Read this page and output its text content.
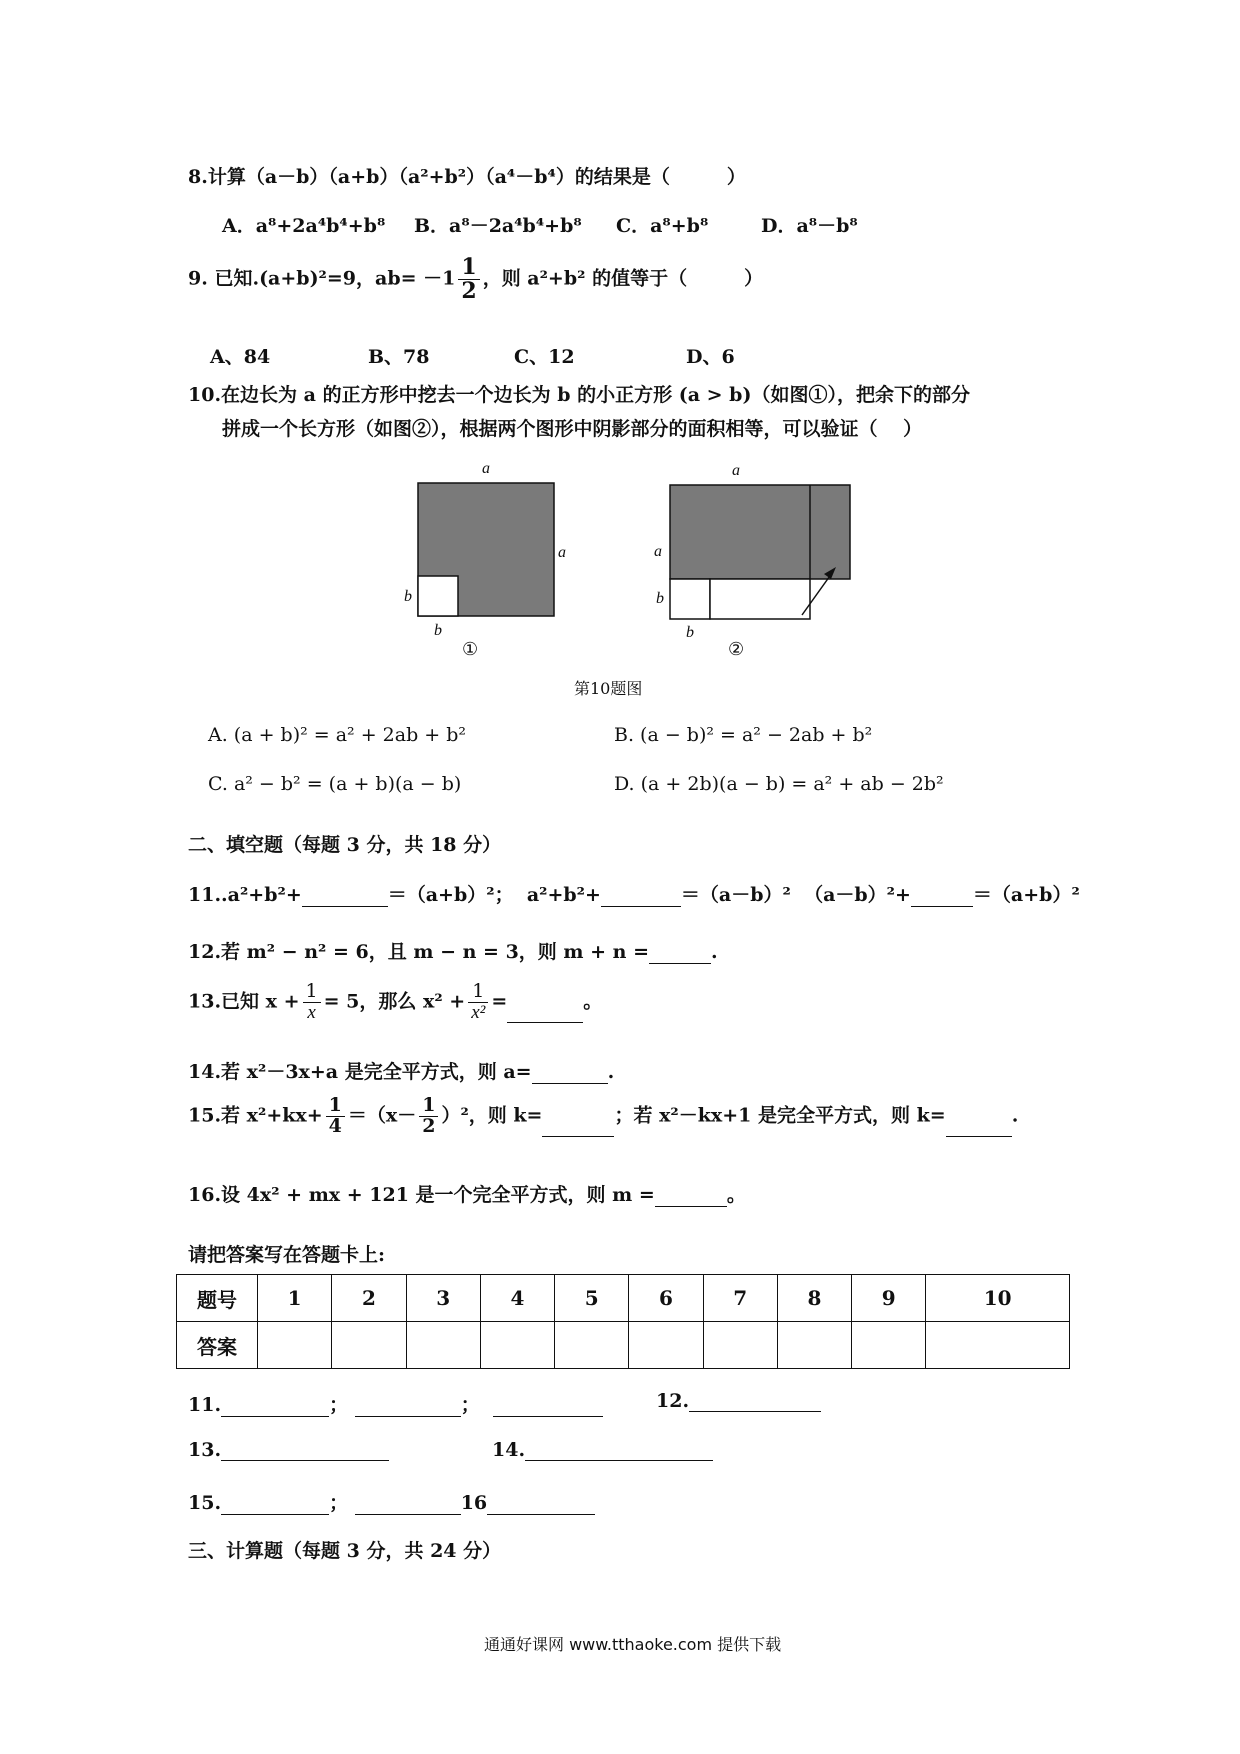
8.计算（a－b）（a+b）（a²+b²）（a⁴－b⁴）的结果是（　　　）
A．a⁸+2a⁴b⁴+b⁸ B．a⁸－2a⁴b⁴+b⁸ C．a⁸+b⁸	D．a⁸－b⁸
9. 已知.(a+b)²=9，$ab= -1 \frac{1}{2}$ ，则 a²+b² 的值等于（　　　）
A、84	B、78	C、12	D、6
10.在边长为 a 的正方形中挖去一个边长为 b 的小正方形 (a > b)（如图①），把余下的部分
拼成一个长方形（如图②），根据两个图形中阴影部分的面积相等，可以验证（　 ）
a
a
b
b
①
a
a
b
b
②
第10题图
A. (a + b)² = a² + 2ab + b²	B. (a − b)² = a² − 2ab + b²
C. a² − b² = (a + b)(a − b)	D. (a + 2b)(a − b) = a² + ab − 2b²
二、填空题（每题 3 分，共 18 分）
11..a²+b²+	＝（a+b）²； a²+b²+	＝（a－b）² （a－b）²+	＝（a+b）²
12.若 m² − n² = 6，且 m − n = 3，则 m + n =	.
13.已知 $x + \frac{1}{x} = 5$，那么 $x^2 + \frac{1}{\text{x²}}$ =	。
14.若 x²－3x+a 是完全平方式，则 a=	.
15.若 $x^2+kx+ \frac{1}{4} =(x- \frac{1}{2} )^2$，则 k=	；若 x²－kx+1 是完全平方式，则 k=	.
16.设 4x² + mx + 121 是一个完全平方式，则 m =	。
请把答案写在答题卡上:
题号	1	2	3	4	5	6	7	8	9	10
答案										
11.	；	；	12.
13.	14.
15.	；	16
三、计算题（每题 3 分，共 24 分）
通通好课网 www.tthaoke.com 提供下载
